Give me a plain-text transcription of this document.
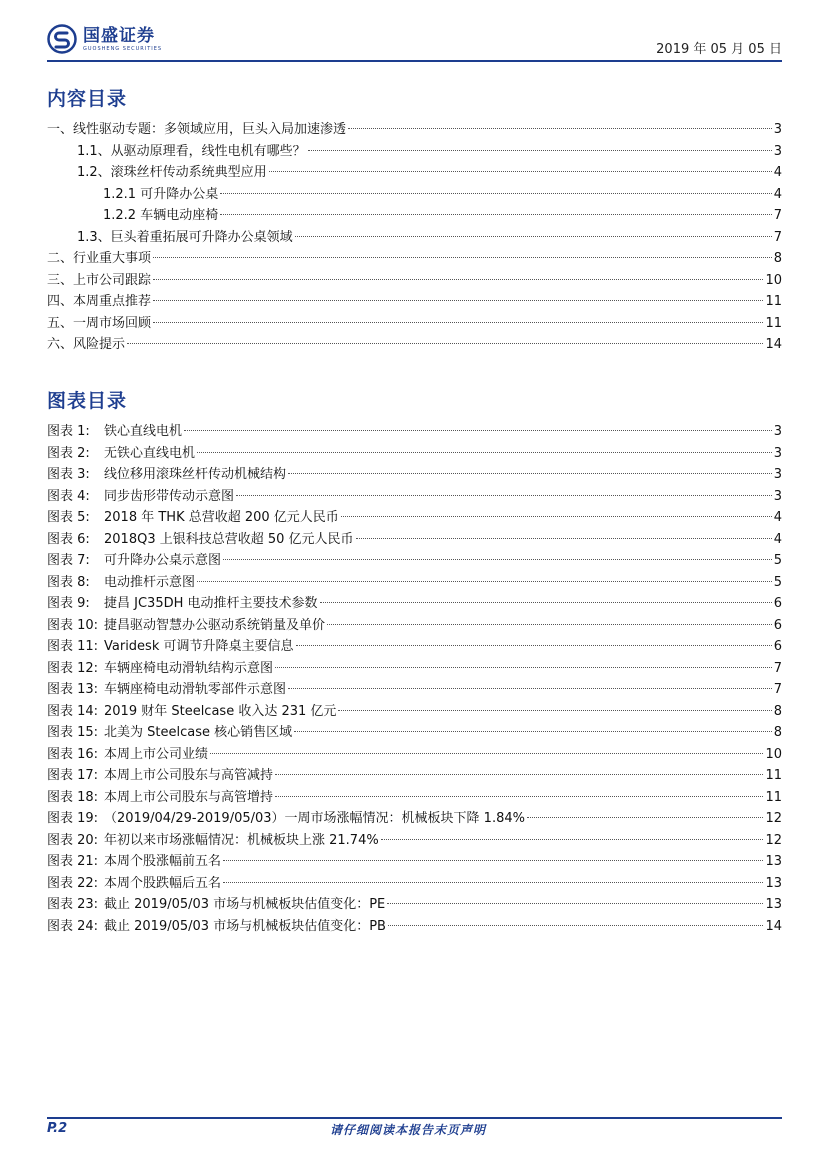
国盛证券
GUOSHENG SECURITIES	2019 年 05 月 05 日
内容目录
一、线性驱动专题：多领域应用，巨头入局加速渗透	3
1.1、从驱动原理看，线性电机有哪些？	3
1.2、滚珠丝杆传动系统典型应用	4
1.2.1 可升降办公桌	4
1.2.2 车辆电动座椅	7
1.3、巨头着重拓展可升降办公桌领域	7
二、行业重大事项	8
三、上市公司跟踪	10
四、本周重点推荐	11
五、一周市场回顾	11
六、风险提示	14
图表目录
图表 1:	铁心直线电机	3
图表 2:	无铁心直线电机	3
图表 3:	线位移用滚珠丝杆传动机械结构	3
图表 4:	同步齿形带传动示意图	3
图表 5:	2018 年 THK 总营收超 200 亿元人民币	4
图表 6:	2018Q3 上银科技总营收超 50 亿元人民币	4
图表 7:	可升降办公桌示意图	5
图表 8:	电动推杆示意图	5
图表 9:	捷昌 JC35DH 电动推杆主要技术参数	6
图表 10: 捷昌驱动智慧办公驱动系统销量及单价	6
图表 11: Varidesk 可调节升降桌主要信息	6
图表 12: 车辆座椅电动滑轨结构示意图	7
图表 13: 车辆座椅电动滑轨零部件示意图	7
图表 14: 2019 财年 Steelcase 收入达 231 亿元	8
图表 15: 北美为 Steelcase 核心销售区域	8
图表 16: 本周上市公司业绩	10
图表 17: 本周上市公司股东与高管减持	11
图表 18: 本周上市公司股东与高管增持	11
图表 19: （2019/04/29-2019/05/03）一周市场涨幅情况：机械板块下降 1.84%	12
图表 20: 年初以来市场涨幅情况：机械板块上涨 21.74%	12
图表 21: 本周个股涨幅前五名	13
图表 22: 本周个股跌幅后五名	13
图表 23: 截止 2019/05/03 市场与机械板块估值变化：PE	13
图表 24: 截止 2019/05/03 市场与机械板块估值变化：PB	14
P.2	请仔细阅读本报告末页声明
